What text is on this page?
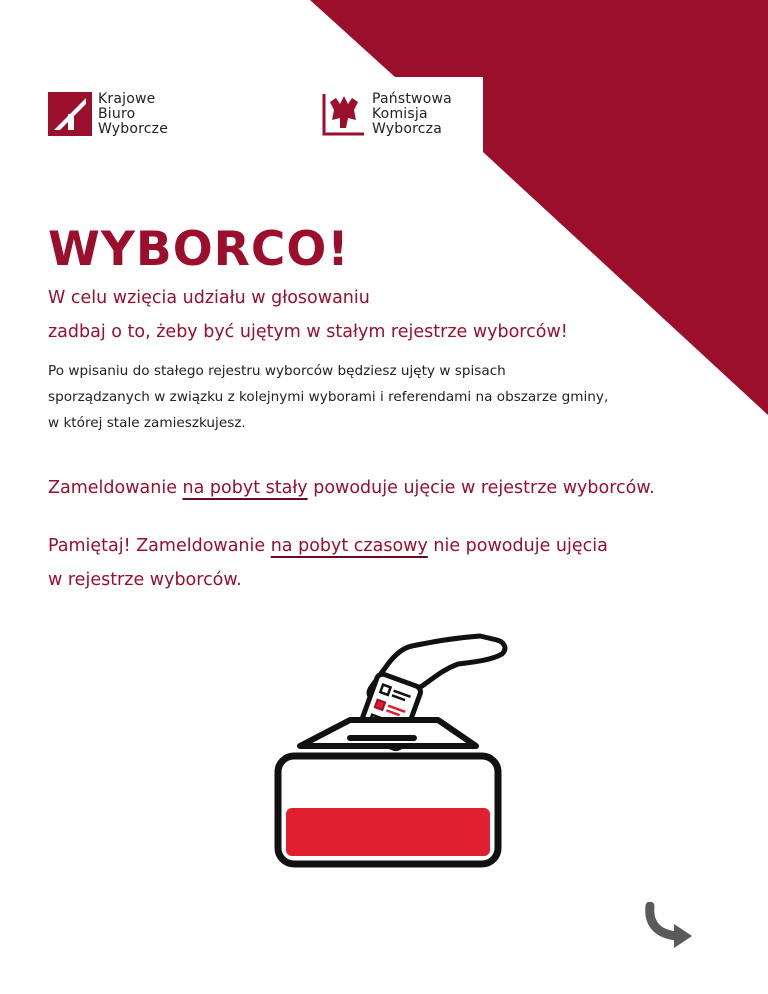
Krajowe
Biuro
Wyborcze
Państwowa
Komisja
Wyborcza
WYBORCO!

W celu wzięcia udziału w głosowaniu

zadbaj o to, żeby być ujętym w stałym rejestrze wyborców!

Po wpisaniu do stałego rejestru wyborców będziesz ujęty w spisach
sporządzanych w związku z kolejnymi wyborami i referendami na obszarze gminy,
w której stale zamieszkujesz.

Zameldowanie na pobyt stały powoduje ujęcie w rejestrze wyborców.

Pamiętaj! Zameldowanie na pobyt czasowy nie powoduje ujęcia

w rejestrze wyborców.
